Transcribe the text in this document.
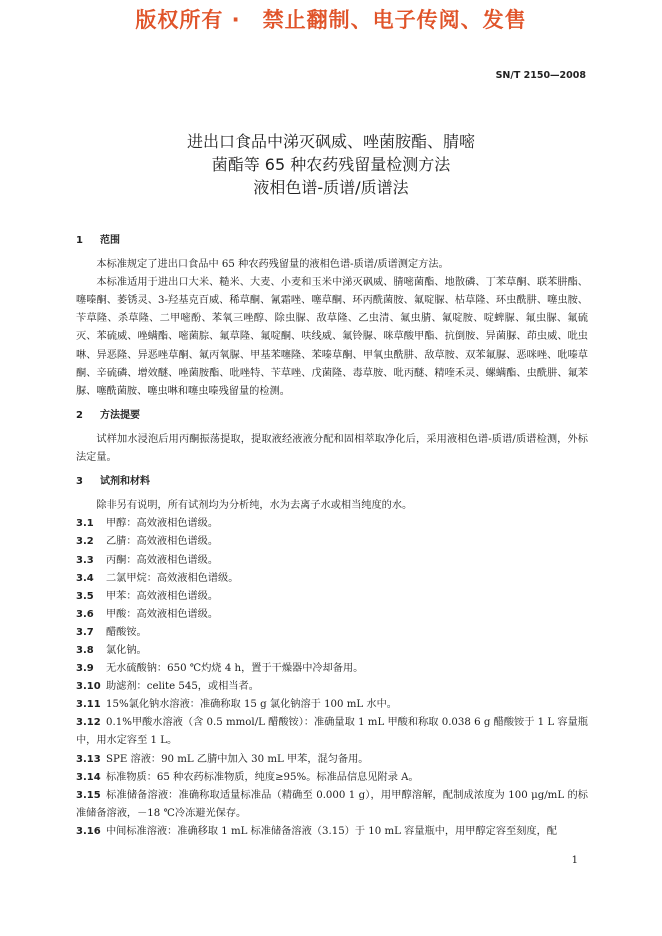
版权所有 ·　禁止翻制、电子传阅、发售
SN/T 2150—2008
进出口食品中涕灭砜威、唑菌胺酯、腈嘧
菌酯等 65 种农药残留量检测方法
液相色谱-质谱/质谱法
1 范围

本标准规定了进出口食品中 65 种农药残留量的液相色谱-质谱/质谱测定方法。

本标准适用于进出口大米、糙米、大麦、小麦和玉米中涕灭砜威、腈嘧菌酯、地散磷、丁苯草酮、联苯肼酯、噻嗪酮、萎锈灵、3-羟基克百威、稀草酮、氰霜唑、噻草酮、环丙酰菌胺、氟啶脲、枯草隆、环虫酰肼、噻虫胺、苄草隆、杀草隆、二甲嘧酚、苯氧三唑醇、除虫脲、敌草隆、乙虫清、氟虫腈、氟啶胺、啶蜱脲、氟虫脲、氟硫灭、苯硫威、唑螨酯、嘧菌腙、氟草隆、氟啶酮、呋线威、氟铃脲、咪草酸甲酯、抗倒胺、异菌脲、茚虫威、吡虫啉、异恶隆、异恶唑草酮、氟丙氧脲、甲基苯噻隆、苯嗪草酮、甲氧虫酰肼、敌草胺、双苯氟脲、恶咪唑、吡嗪草酮、辛硫磷、增效醚、唑菌胺酯、吡唑特、苄草唑、戊菌隆、毒草胺、吡丙醚、精喹禾灵、螺螨酯、虫酰肼、氟苯脲、噻酰菌胺、噻虫啉和噻虫嗪残留量的检测。

2 方法提要

试样加水浸泡后用丙酮振荡提取，提取液经液液分配和固相萃取净化后，采用液相色谱-质谱/质谱检测，外标法定量。

3 试剂和材料

除非另有说明，所有试剂均为分析纯，水为去离子水或相当纯度的水。

3.1 甲醇：高效液相色谱级。

3.2 乙腈：高效液相色谱级。

3.3 丙酮：高效液相色谱级。

3.4 二氯甲烷：高效液相色谱级。

3.5 甲苯：高效液相色谱级。

3.6 甲酸：高效液相色谱级。

3.7 醋酸铵。

3.8 氯化钠。

3.9 无水硫酸钠：650 ℃灼烧 4 h，置于干燥器中冷却备用。

3.10 助滤剂：celite 545，或相当者。

3.11 15%氯化钠水溶液：准确称取 15 g 氯化钠溶于 100 mL 水中。

3.12 0.1%甲酸水溶液（含 0.5 mmol/L 醋酸铵）：准确量取 1 mL 甲酸和称取 0.038 6 g 醋酸铵于 1 L 容量瓶中，用水定容至 1 L。

3.13 SPE 溶液：90 mL 乙腈中加入 30 mL 甲苯，混匀备用。

3.14 标准物质：65 种农药标准物质，纯度≥95%。标准品信息见附录 A。

3.15 标准储备溶液：准确称取适量标准品（精确至 0.000 1 g），用甲醇溶解，配制成浓度为 100 μg/mL 的标准储备溶液，－18 ℃冷冻避光保存。

3.16 中间标准溶液：准确移取 1 mL 标准储备溶液（3.15）于 10 mL 容量瓶中，用甲醇定容至刻度，配

1
